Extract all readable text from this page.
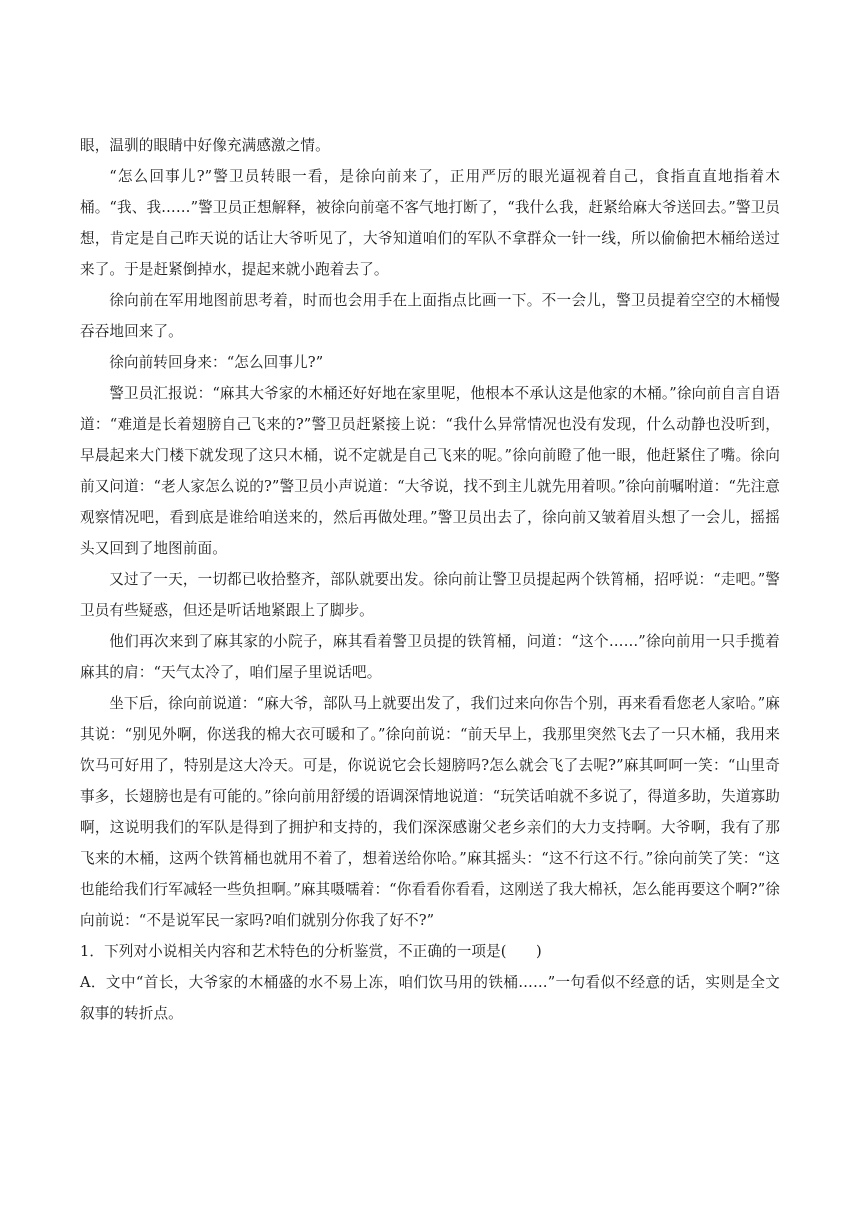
眼，温驯的眼睛中好像充满感激之情。

“怎么回事儿?”警卫员转眼一看，是徐向前来了，正用严厉的眼光逼视着自己，食指直直地指着木桶。“我、我……”警卫员正想解释，被徐向前毫不客气地打断了，“我什么我，赶紧给麻大爷送回去。”警卫员想，肯定是自己昨天说的话让大爷听见了，大爷知道咱们的军队不拿群众一针一线，所以偷偷把木桶给送过来了。于是赶紧倒掉水，提起来就小跑着去了。

徐向前在军用地图前思考着，时而也会用手在上面指点比画一下。不一会儿，警卫员提着空空的木桶慢吞吞地回来了。

徐向前转回身来：“怎么回事儿?”

警卫员汇报说：“麻其大爷家的木桶还好好地在家里呢，他根本不承认这是他家的木桶。”徐向前自言自语道：“难道是长着翅膀自己飞来的?”警卫员赶紧接上说：“我什么异常情况也没有发现，什么动静也没听到，早晨起来大门楼下就发现了这只木桶，说不定就是自己飞来的呢。”徐向前瞪了他一眼，他赶紧住了嘴。徐向前又问道：“老人家怎么说的?”警卫员小声说道：“大爷说，找不到主儿就先用着呗。”徐向前嘱咐道：“先注意观察情况吧，看到底是谁给咱送来的，然后再做处理。”警卫员出去了，徐向前又皱着眉头想了一会儿，摇摇头又回到了地图前面。

又过了一天，一切都已收拾整齐，部队就要出发。徐向前让警卫员提起两个铁筲桶，招呼说：“走吧。”警卫员有些疑惑，但还是听话地紧跟上了脚步。

他们再次来到了麻其家的小院子，麻其看着警卫员提的铁筲桶，问道：“这个……”徐向前用一只手揽着麻其的肩：“天气太冷了，咱们屋子里说话吧。

坐下后，徐向前说道：“麻大爷，部队马上就要出发了，我们过来向你告个别，再来看看您老人家哈。”麻其说：“别见外啊，你送我的棉大衣可暖和了。”徐向前说：“前天早上，我那里突然飞去了一只木桶，我用来饮马可好用了，特别是这大冷天。可是，你说说它会长翅膀吗?怎么就会飞了去呢?”麻其呵呵一笑：“山里奇事多，长翅膀也是有可能的。”徐向前用舒缓的语调深情地说道：“玩笑话咱就不多说了，得道多助，失道寡助啊，这说明我们的军队是得到了拥护和支持的，我们深深感谢父老乡亲们的大力支持啊。大爷啊，我有了那飞来的木桶，这两个铁筲桶也就用不着了，想着送给你哈。”麻其摇头：“这不行这不行。”徐向前笑了笑：“这也能给我们行军减轻一些负担啊。”麻其嗫嚅着：“你看看你看看，这刚送了我大棉袄，怎么能再要这个啊?”徐向前说：“不是说军民一家吗?咱们就别分你我了好不?”

1．下列对小说相关内容和艺术特色的分析鉴赏，不正确的一项是(　　)

A．文中“首长，大爷家的木桶盛的水不易上冻，咱们饮马用的铁桶……”一句看似不经意的话，实则是全文叙事的转折点。
